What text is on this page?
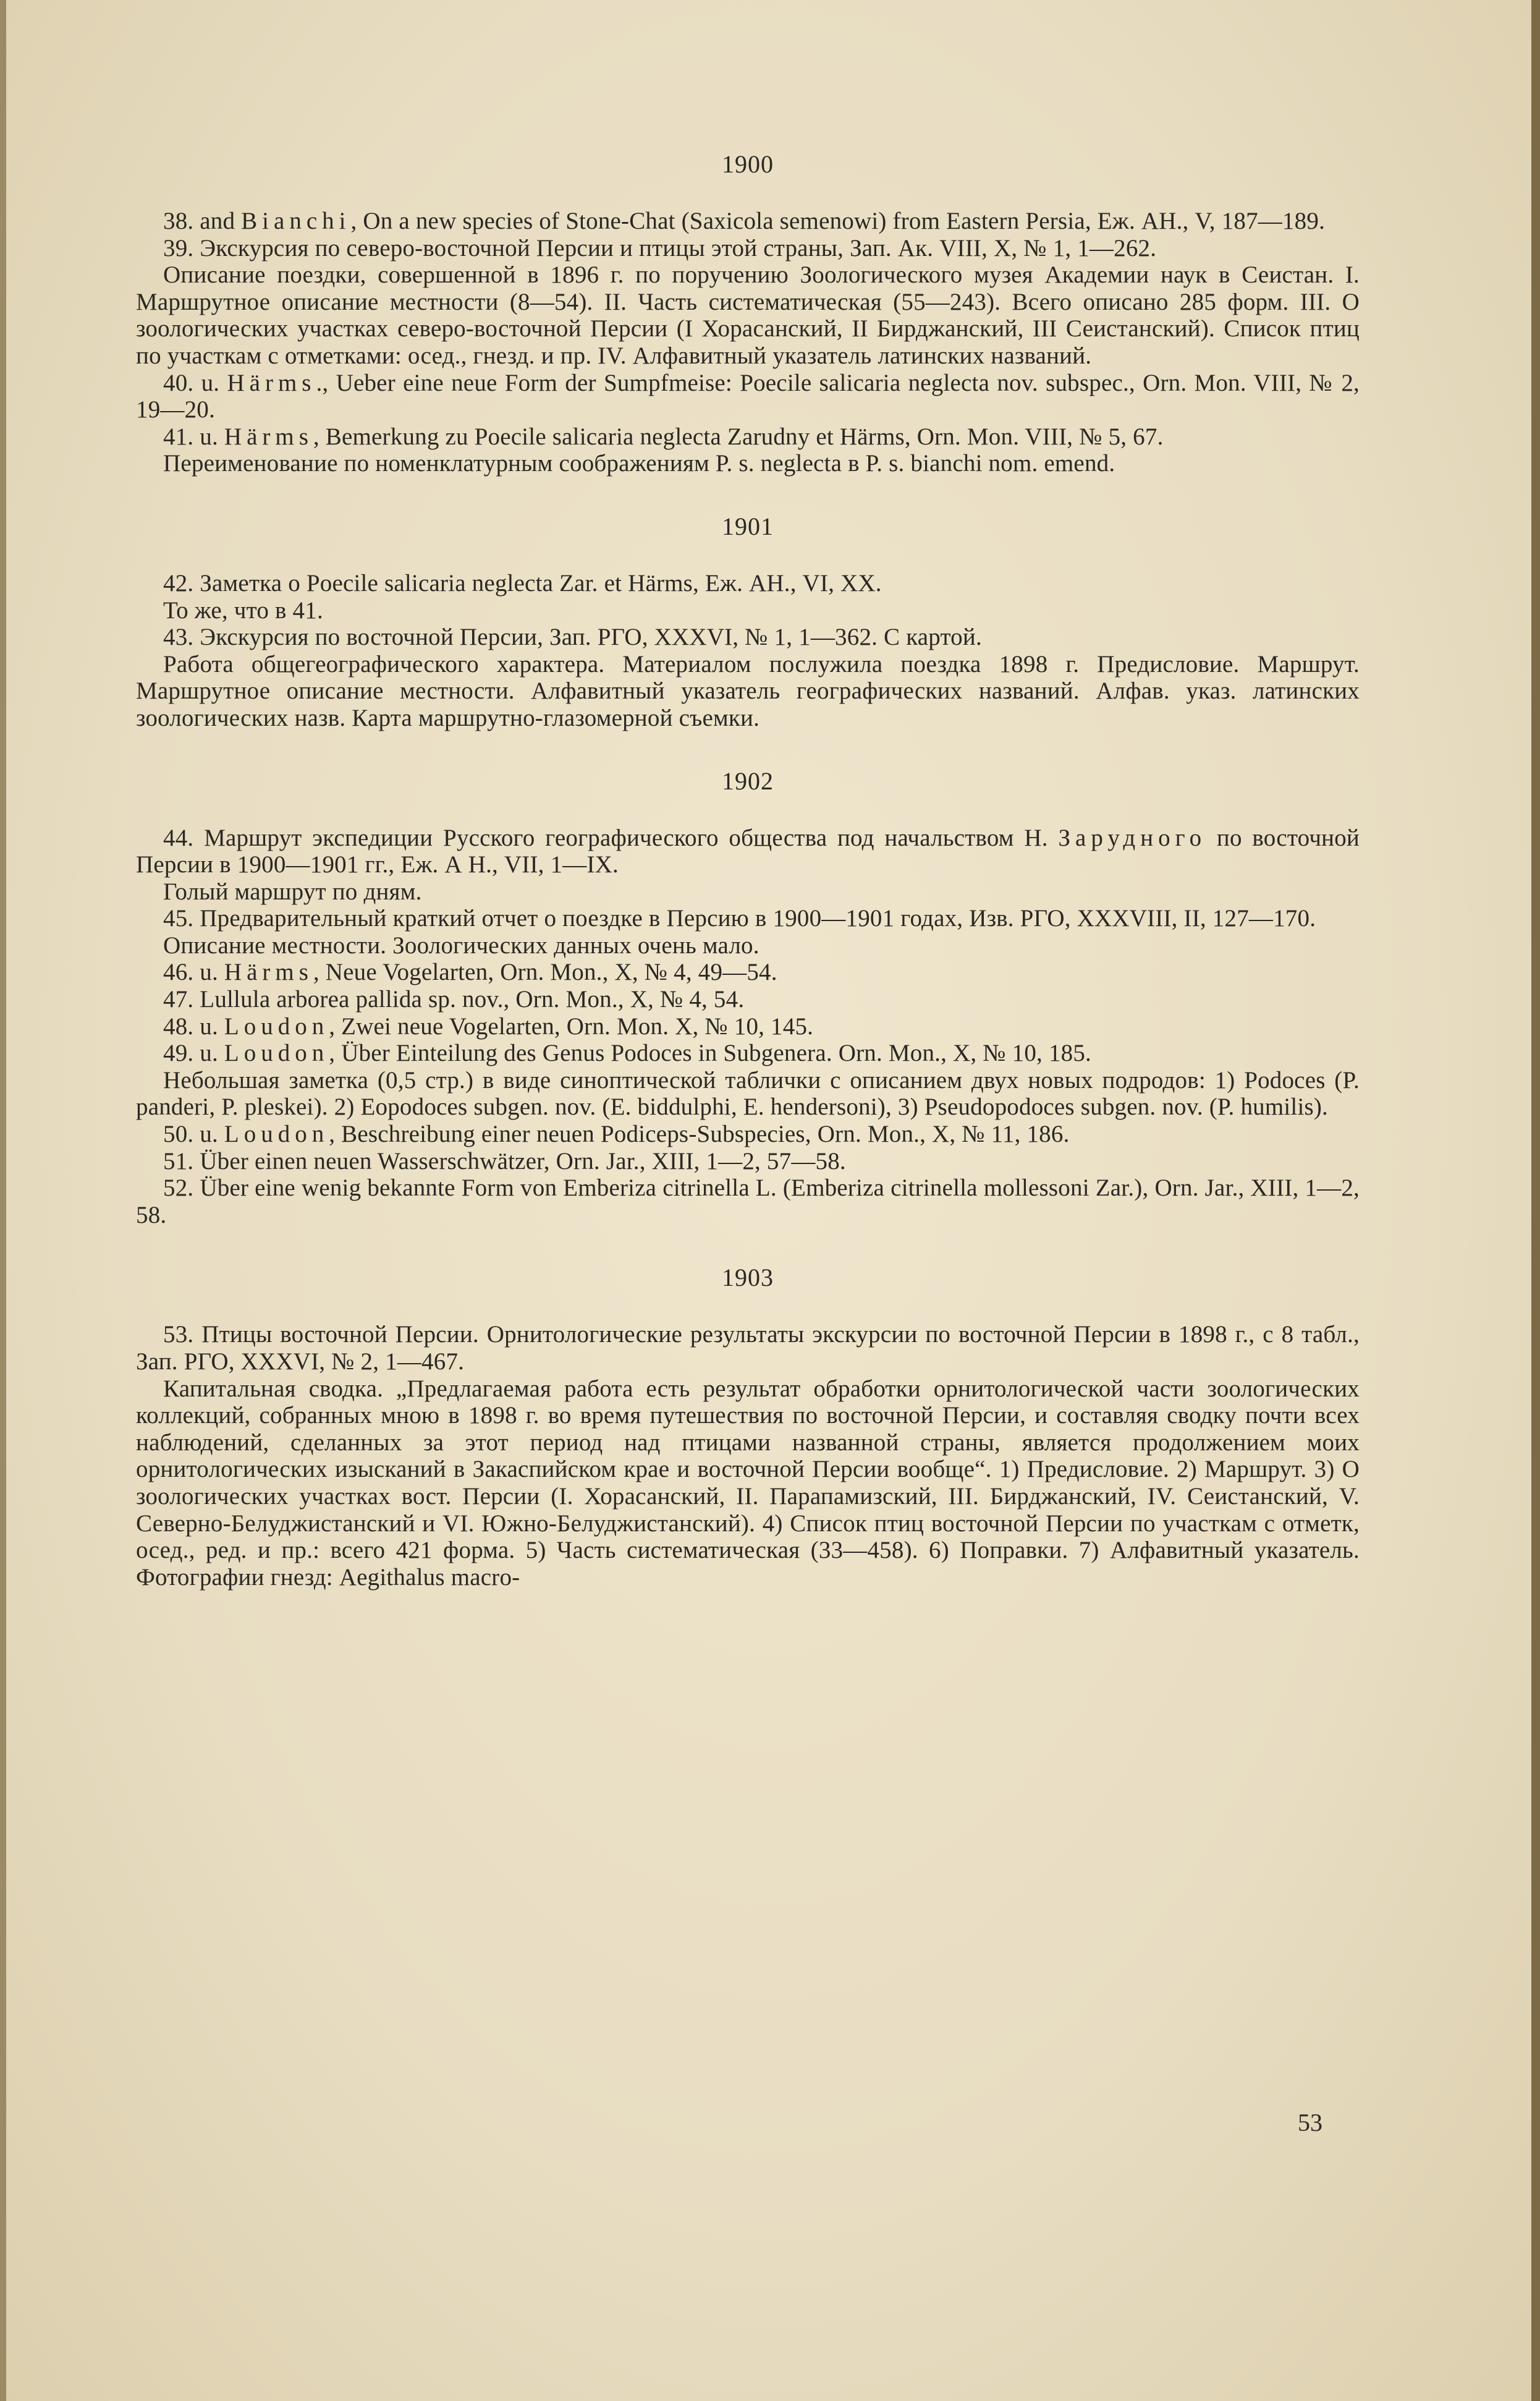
1900

38. and Bianchi, On a new species of Stone-Chat (Saxicola semenowi) from Eastern Persia, Еж. АН., V, 187—189.

39. Экскурсия по северо-восточной Персии и птицы этой страны, Зап. Ак. VIII, X, № 1, 1—262.

Описание поездки, совершенной в 1896 г. по поручению Зоологического музея Академии наук в Сеистан. I. Маршрутное описание местности (8—54). II. Часть систематическая (55—243). Всего описано 285 форм. III. О зоологических участках северо-восточной Персии (I Хорасанский, II Бирджанский, III Сеистанский). Список птиц по участкам с отметками: осед., гнезд. и пр. IV. Алфавитный указатель латинских названий.

40. u. Härms., Ueber eine neue Form der Sumpfmeise: Poecile salicaria neglecta nov. subspec., Orn. Mon. VIII, № 2, 19—20.

41. u. Härms, Bemerkung zu Poecile salicaria neglecta Zarudny et Härms, Orn. Mon. VIII, № 5, 67.

Переименование по номенклатурным соображениям P. s. neglecta в P. s. bianchi nom. emend.

1901

42. Заметка о Poecile salicaria neglecta Zar. et Härms, Еж. АН., VI, XX.

То же, что в 41.

43. Экскурсия по восточной Персии, Зап. РГО, XXXVI, № 1, 1—362. С картой.

Работа общегеографического характера. Материалом послужила поездка 1898 г. Предисловие. Маршрут. Маршрутное описание местности. Алфавитный указатель географических названий. Алфав. указ. латинских зоологических назв. Карта маршрутно-глазомерной съемки.

1902

44. Маршрут экспедиции Русского географического общества под начальством Н. Зарудного по восточной Персии в 1900—1901 гг., Еж. А Н., VII, 1—IX.

Голый маршрут по дням.

45. Предварительный краткий отчет о поездке в Персию в 1900—1901 годах, Изв. РГО, XXXVIII, II, 127—170.

Описание местности. Зоологических данных очень мало.

46. u. Härms, Neue Vogelarten, Orn. Mon., X, № 4, 49—54.

47. Lullula arborea pallida sp. nov., Orn. Mon., X, № 4, 54.

48. u. Loudon, Zwei neue Vogelarten, Orn. Mon. X, № 10, 145.

49. u. Loudon, Über Einteilung des Genus Podoces in Subgenera. Orn. Mon., X, № 10, 185.

Небольшая заметка (0,5 стр.) в виде синоптической таблички с описанием двух новых подродов: 1) Podoces (P. panderi, P. pleskei). 2) Eopodoces subgen. nov. (E. biddulphi, E. hendersoni), 3) Pseudopodoces subgen. nov. (P. humilis).

50. u. Loudon, Beschreibung einer neuen Podiceps-Subspecies, Orn. Mon., X, № 11, 186.

51. Über einen neuen Wasserschwätzer, Orn. Jar., XIII, 1—2, 57—58.

52. Über eine wenig bekannte Form von Emberiza citrinella L. (Emberiza citrinella mollessoni Zar.), Orn. Jar., XIII, 1—2, 58.

1903

53. Птицы восточной Персии. Орнитологические результаты экскурсии по восточной Персии в 1898 г., с 8 табл., Зап. РГО, XXXVI, № 2, 1—467.

Капитальная сводка. „Предлагаемая работа есть результат обработки орнитологической части зоологических коллекций, собранных мною в 1898 г. во время путешествия по восточной Персии, и составляя сводку почти всех наблюдений, сделанных за этот период над птицами названной страны, является продолжением моих орнитологических изысканий в Закаспийском крае и восточной Персии вообще“. 1) Предисловие. 2) Маршрут. 3) О зоологических участках вост. Персии (I. Хорасанский, II. Парапамизский, III. Бирджанский, IV. Сеистанский, V. Северно-Белуджистанский и VI. Южно-Белуджистанский). 4) Список птиц восточной Персии по участкам с отметк, осед., ред. и пр.: всего 421 форма. 5) Часть систематическая (33—458). 6) Поправки. 7) Алфавитный указатель. Фотографии гнезд: Aegithalus macro-

53
